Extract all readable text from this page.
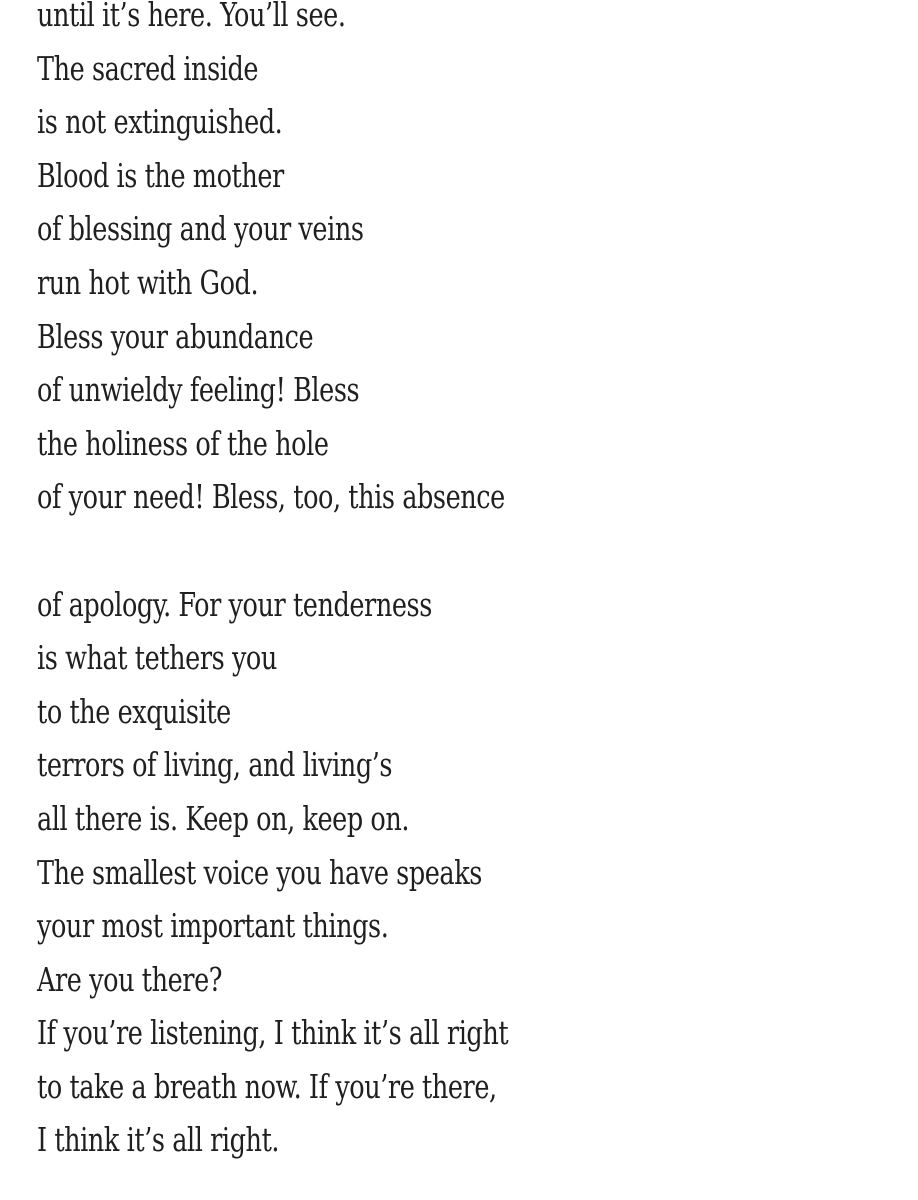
until it’s here. You’ll see.
The sacred inside
is not extinguished.
Blood is the mother
of blessing and your veins
run hot with God.
Bless your abundance
of unwieldy feeling! Bless
the holiness of the hole
of your need! Bless, too, this absence
of apology. For your tenderness
is what tethers you
to the exquisite
terrors of living, and living’s
all there is. Keep on, keep on.
The smallest voice you have speaks
your most important things.
Are you there?
If you’re listening, I think it’s all right
to take a breath now. If you’re there,
I think it’s all right.
